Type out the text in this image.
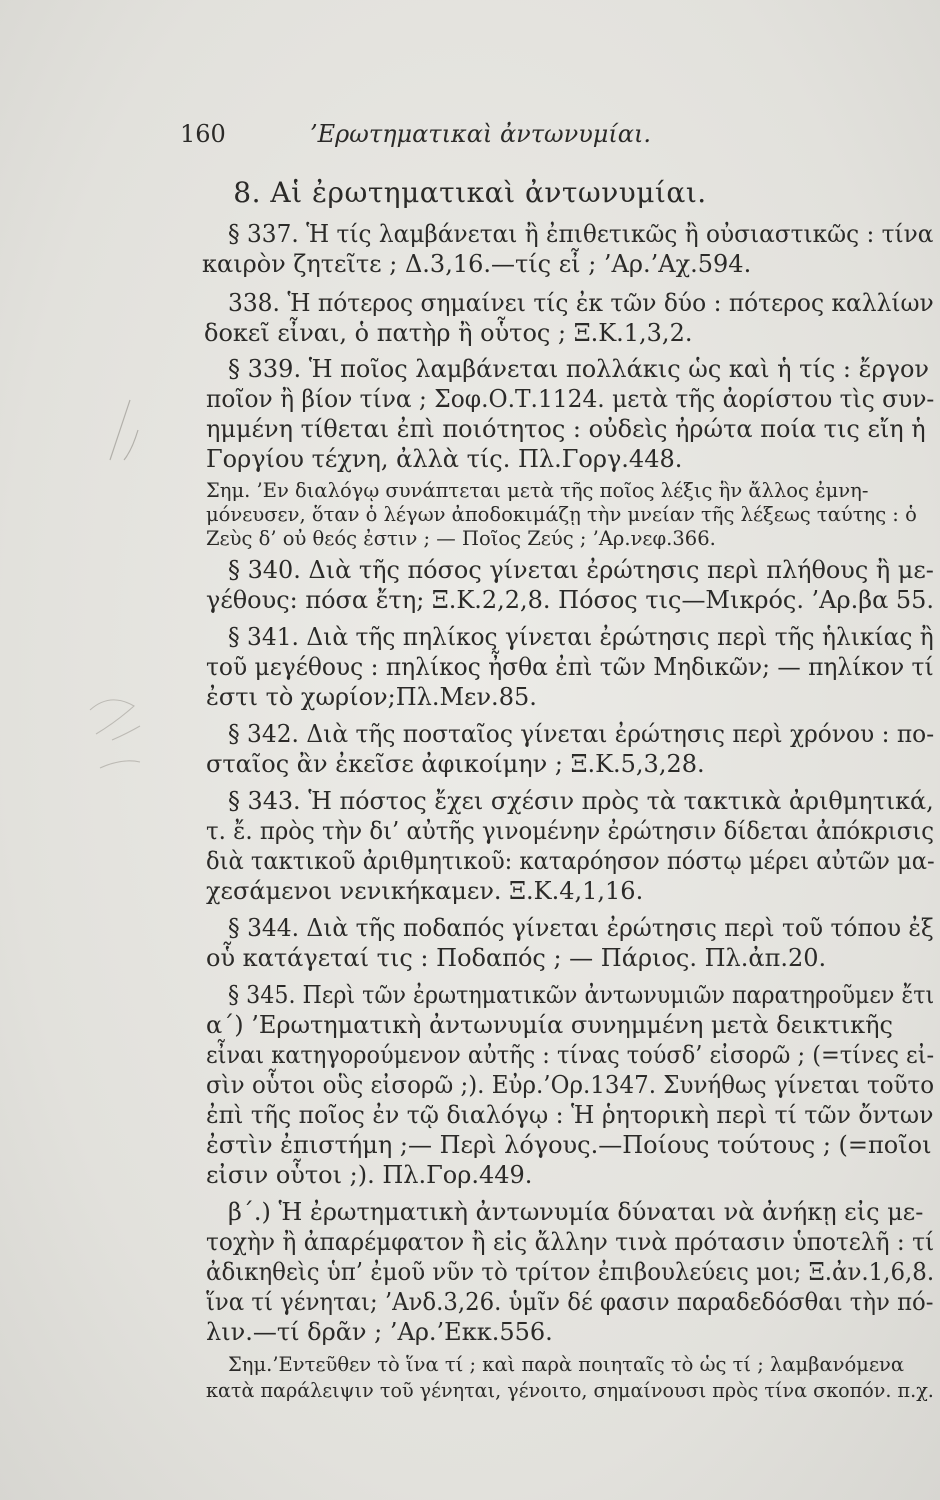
160	’Ερωτηματικαὶ ἀντωνυμίαι.
8. Αἱ ἐρωτηματικαὶ ἀντωνυμίαι.
§ 337. Ἡ τίς λαμβάνεται ἢ ἐπιθετικῶς ἢ οὐσιαστικῶς : τίνα
καιρὸν ζητεῖτε ; Δ.3,16.—τίς εἶ ; ’Αρ.’Αχ.594.
338. Ἡ πότερος σημαίνει τίς ἐκ τῶν δύο : πότερος καλλίων
δοκεῖ εἶναι, ὁ πατὴρ ἢ οὗτος ; Ξ.Κ.1,3,2.
§ 339. Ἡ ποῖος λαμβάνεται πολλάκις ὡς καὶ ἡ τίς : ἔργον
ποῖον ἢ βίον τίνα ; Σοφ.Ο.Τ.1124. μετὰ τῆς ἀορίστου τὶς συν-
ημμένη τίθεται ἐπὶ ποιότητος : οὐδεὶς ἠρώτα ποία τις εἴη ἡ
Γοργίου τέχνη, ἀλλὰ τίς. Πλ.Γοργ.448.
Σημ. ’Εν διαλόγῳ συνάπτεται μετὰ τῆς ποῖος λέξις ἣν ἄλλος ἐμνη-
μόνευσεν, ὅταν ὁ λέγων ἀποδοκιμάζῃ τὴν μνείαν τῆς λέξεως ταύτης : ὁ
Ζεὺς δ’ οὐ θεός ἐστιν ; — Ποῖος Ζεύς ; ’Αρ.νεφ.366.
§ 340. Διὰ τῆς πόσος γίνεται ἐρώτησις περὶ πλήθους ἢ με-
γέθους: πόσα ἔτη; Ξ.Κ.2,2,8. Πόσος τις—Μικρός. ’Αρ.βα 55.
§ 341. Διὰ τῆς πηλίκος γίνεται ἐρώτησις περὶ τῆς ἡλικίας ἢ
τοῦ μεγέθους : πηλίκος ἦσθα ἐπὶ τῶν Μηδικῶν; — πηλίκον τί
ἐστι τὸ χωρίον;Πλ.Μεν.85.
§ 342. Διὰ τῆς ποσταῖος γίνεται ἐρώτησις περὶ χρόνου : πο-
σταῖος ἂν ἐκεῖσε ἀφικοίμην ; Ξ.Κ.5,3,28.
§ 343. Ἡ πόστος ἔχει σχέσιν πρὸς τὰ τακτικὰ ἀριθμητικά,
τ. ἔ. πρὸς τὴν δι’ αὐτῆς γινομένην ἐρώτησιν δίδεται ἀπόκρισις
διὰ τακτικοῦ ἀριθμητικοῦ: καταρόησον πόστῳ μέρει αὐτῶν μα-
χεσάμενοι νενικήκαμεν. Ξ.Κ.4,1,16.
§ 344. Διὰ τῆς ποδαπός γίνεται ἐρώτησις περὶ τοῦ τόπου ἐξ
οὗ κατάγεταί τις : Ποδαπός ; — Πάριος. Πλ.ἀπ.20.
§ 345. Περὶ τῶν ἐρωτηματικῶν ἀντωνυμιῶν παρατηροῦμεν ἔτι
α΄) ’Ερωτηματικὴ ἀντωνυμία συνημμένη μετὰ δεικτικῆς
εἶναι κατηγορούμενον αὐτῆς : τίνας τούσδ’ εἰσορῶ ; (=τίνες εἰ-
σὶν οὗτοι οὓς εἰσορῶ ;). Εὐρ.’Ορ.1347. Συνήθως γίνεται τοῦτο
ἐπὶ τῆς ποῖος ἐν τῷ διαλόγῳ : Ἡ ῥητορικὴ περὶ τί τῶν ὄντων
ἐστὶν ἐπιστήμη ;— Περὶ λόγους.—Ποίους τούτους ; (=ποῖοι
εἰσιν οὗτοι ;). Πλ.Γορ.449.
β΄.) Ἡ ἐρωτηματικὴ ἀντωνυμία δύναται νὰ ἀνήκῃ εἰς με-
τοχὴν ἢ ἀπαρέμφατον ἢ εἰς ἄλλην τινὰ πρότασιν ὑποτελῆ : τί
ἀδικηθεὶς ὑπ’ ἐμοῦ νῦν τὸ τρίτον ἐπιβουλεύεις μοι; Ξ.ἀν.1,6,8.
ἵνα τί γένηται; ’Ανδ.3,26. ὑμῖν δέ φασιν παραδεδόσθαι τὴν πό-
λιν.—τί δρᾶν ; ’Αρ.’Εκκ.556.
Σημ.’Εντεῦθεν τὸ ἵνα τί ; καὶ παρὰ ποιηταῖς τὸ ὡς τί ; λαμβανόμενα
κατὰ παράλειψιν τοῦ γένηται, γένοιτο, σημαίνουσι πρὸς τίνα σκοπόν. π.χ.
